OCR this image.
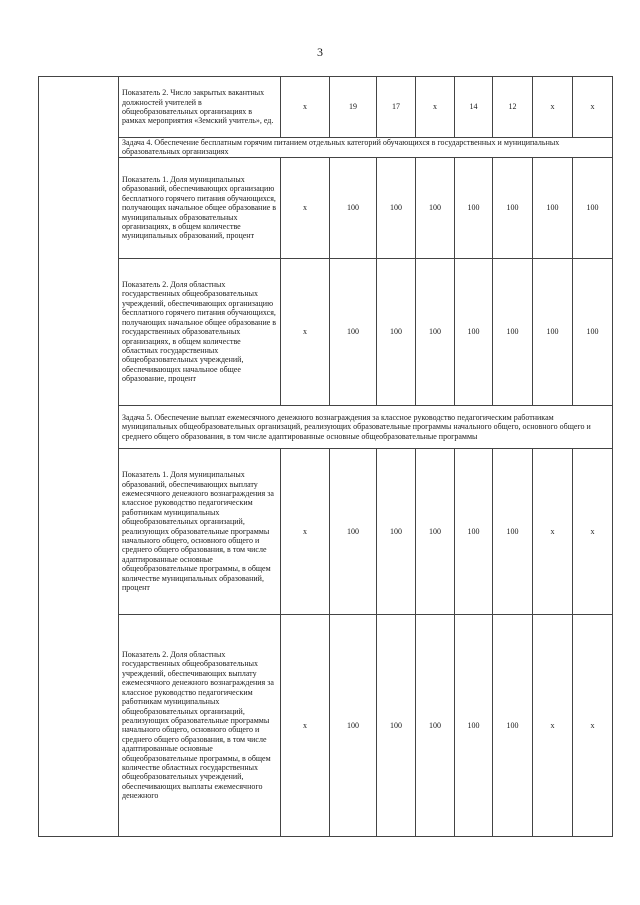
3
	Показатель 2. Число закрытых вакантных должностей учителей в общеобразовательных организациях в рамках мероприятия «Земский учитель», ед.	х	19	17	х	14	12	х	х
	Задача 4. Обеспечение бесплатным горячим питанием отдельных категорий обучающихся в государственных и муниципальных образовательных организациях								
	Показатель 1. Доля муниципальных образований, обеспечивающих организацию бесплатного горячего питания обучающихся, получающих начальное общее образование в муниципальных образовательных организациях, в общем количестве муниципальных образований, процент	х	100	100	100	100	100	100	100
	Показатель 2. Доля областных государственных общеобразовательных учреждений, обеспечивающих организацию бесплатного горячего питания обучающихся, получающих начальное общее образование в государственных образовательных организациях, в общем количестве областных государственных общеобразовательных учреждений, обеспечивающих начальное общее образование, процент	х	100	100	100	100	100	100	100
	Задача 5. Обеспечение выплат ежемесячного денежного вознаграждения за классное руководство педагогическим работникам муниципальных общеобразовательных организаций, реализующих образовательные программы начального общего, основного общего и среднего общего образования, в том числе адаптированные основные общеобразовательные программы								
	Показатель 1. Доля муниципальных образований, обеспечивающих выплату ежемесячного денежного вознаграждения за классное руководство педагогическим работникам муниципальных общеобразовательных организаций, реализующих образовательные программы начального общего, основного общего и среднего общего образования, в том числе адаптированные основные общеобразовательные программы, в общем количестве муниципальных образований, процент	х	100	100	100	100	100	х	х
	Показатель 2. Доля областных государственных общеобразовательных учреждений, обеспечивающих выплату ежемесячного денежного вознаграждения за классное руководство педагогическим работникам муниципальных общеобразовательных организаций, реализующих образовательные программы начального общего, основного общего и среднего общего образования, в том числе адаптированные основные общеобразовательные программы, в общем количестве областных государственных общеобразовательных учреждений, обеспечивающих выплаты ежемесячного денежного	х	100	100	100	100	100	х	х
